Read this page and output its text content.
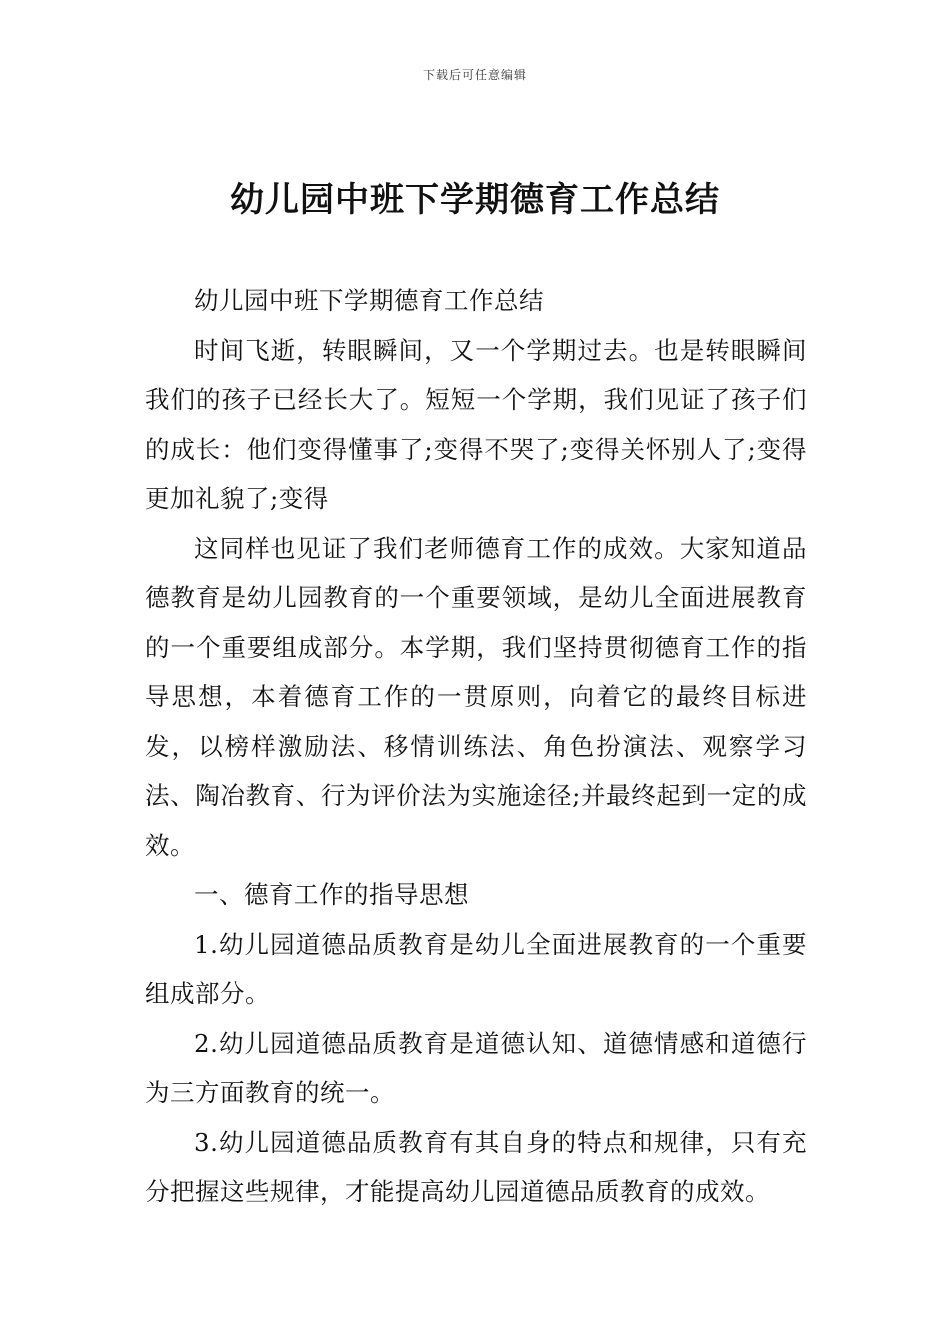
下载后可任意编辑
幼儿园中班下学期德育工作总结

幼儿园中班下学期德育工作总结

时间飞逝，转眼瞬间，又一个学期过去。也是转眼瞬间我们的孩子已经长大了。短短一个学期，我们见证了孩子们的成长：他们变得懂事了;变得不哭了;变得关怀别人了;变得更加礼貌了;变得

这同样也见证了我们老师德育工作的成效。大家知道品德教育是幼儿园教育的一个重要领域，是幼儿全面进展教育的一个重要组成部分。本学期，我们坚持贯彻德育工作的指导思想，本着德育工作的一贯原则，向着它的最终目标进发，以榜样激励法、移情训练法、角色扮演法、观察学习法、陶冶教育、行为评价法为实施途径;并最终起到一定的成效。

一、德育工作的指导思想

1.幼儿园道德品质教育是幼儿全面进展教育的一个重要组成部分。

2.幼儿园道德品质教育是道德认知、道德情感和道德行为三方面教育的统一。

3.幼儿园道德品质教育有其自身的特点和规律，只有充分把握这些规律，才能提高幼儿园道德品质教育的成效。
